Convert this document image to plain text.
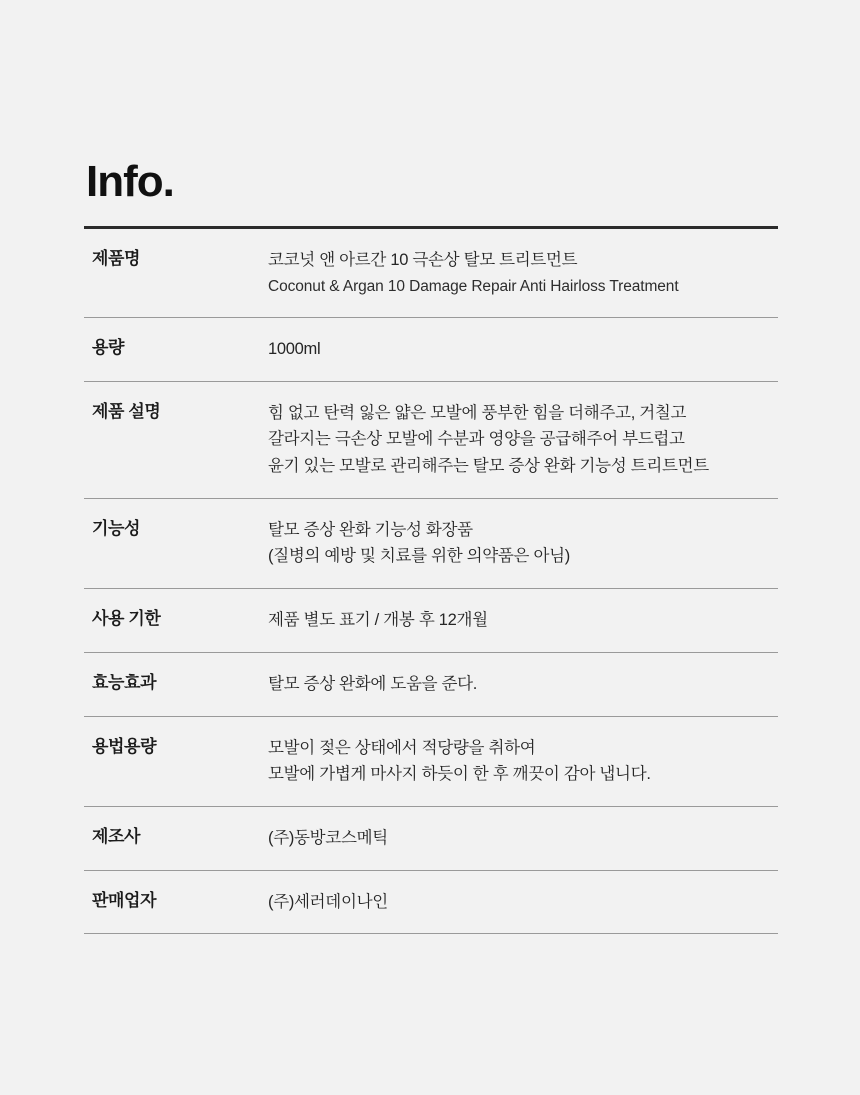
Info.
제품명	코코넛 앤 아르간 10 극손상 탈모 트리트먼트
Coconut & Argan 10 Damage Repair Anti Hairloss Treatment

용량	1000ml

제품 설명	힘 없고 탄력 잃은 얇은 모발에 풍부한 힘을 더해주고, 거칠고
갈라지는 극손상 모발에 수분과 영양을 공급해주어 부드럽고
윤기 있는 모발로 관리해주는 탈모 증상 완화 기능성 트리트먼트

기능성	탈모 증상 완화 기능성 화장품
(질병의 예방 및 치료를 위한 의약품은 아님)

사용 기한	제품 별도 표기 / 개봉 후 12개월

효능효과	탈모 증상 완화에 도움을 준다.

용법용량	모발이 젖은 상태에서 적당량을 취하여
모발에 가볍게 마사지 하듯이 한 후 깨끗이 감아 냅니다.

제조사	(주)동방코스메틱

판매업자	(주)세러데이나인
